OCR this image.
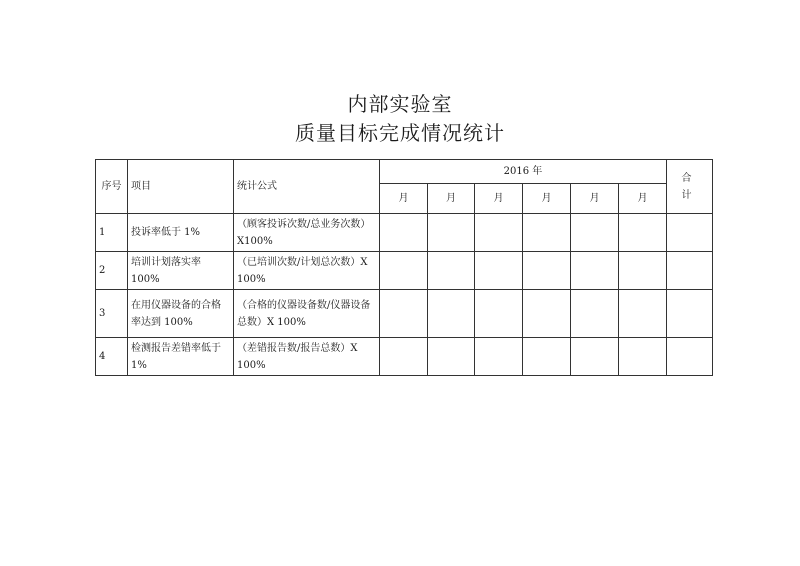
内部实验室
质量目标完成情况统计
序号	项目	统计公式	2016 年						合 计
			月	月	月	月	月	月	
1	投诉率低于 1%	（顾客投诉次数/总业务次数）X100%							
2	培训计划落实率 100%	（已培训次数/计划总次数）X 100%							
3	在用仪器设备的合格率达到 100%	（合格的仪器设备数/仪器设备总数）X 100%							
4	检测报告差错率低于 1%	（差错报告数/报告总数）X 100%							
